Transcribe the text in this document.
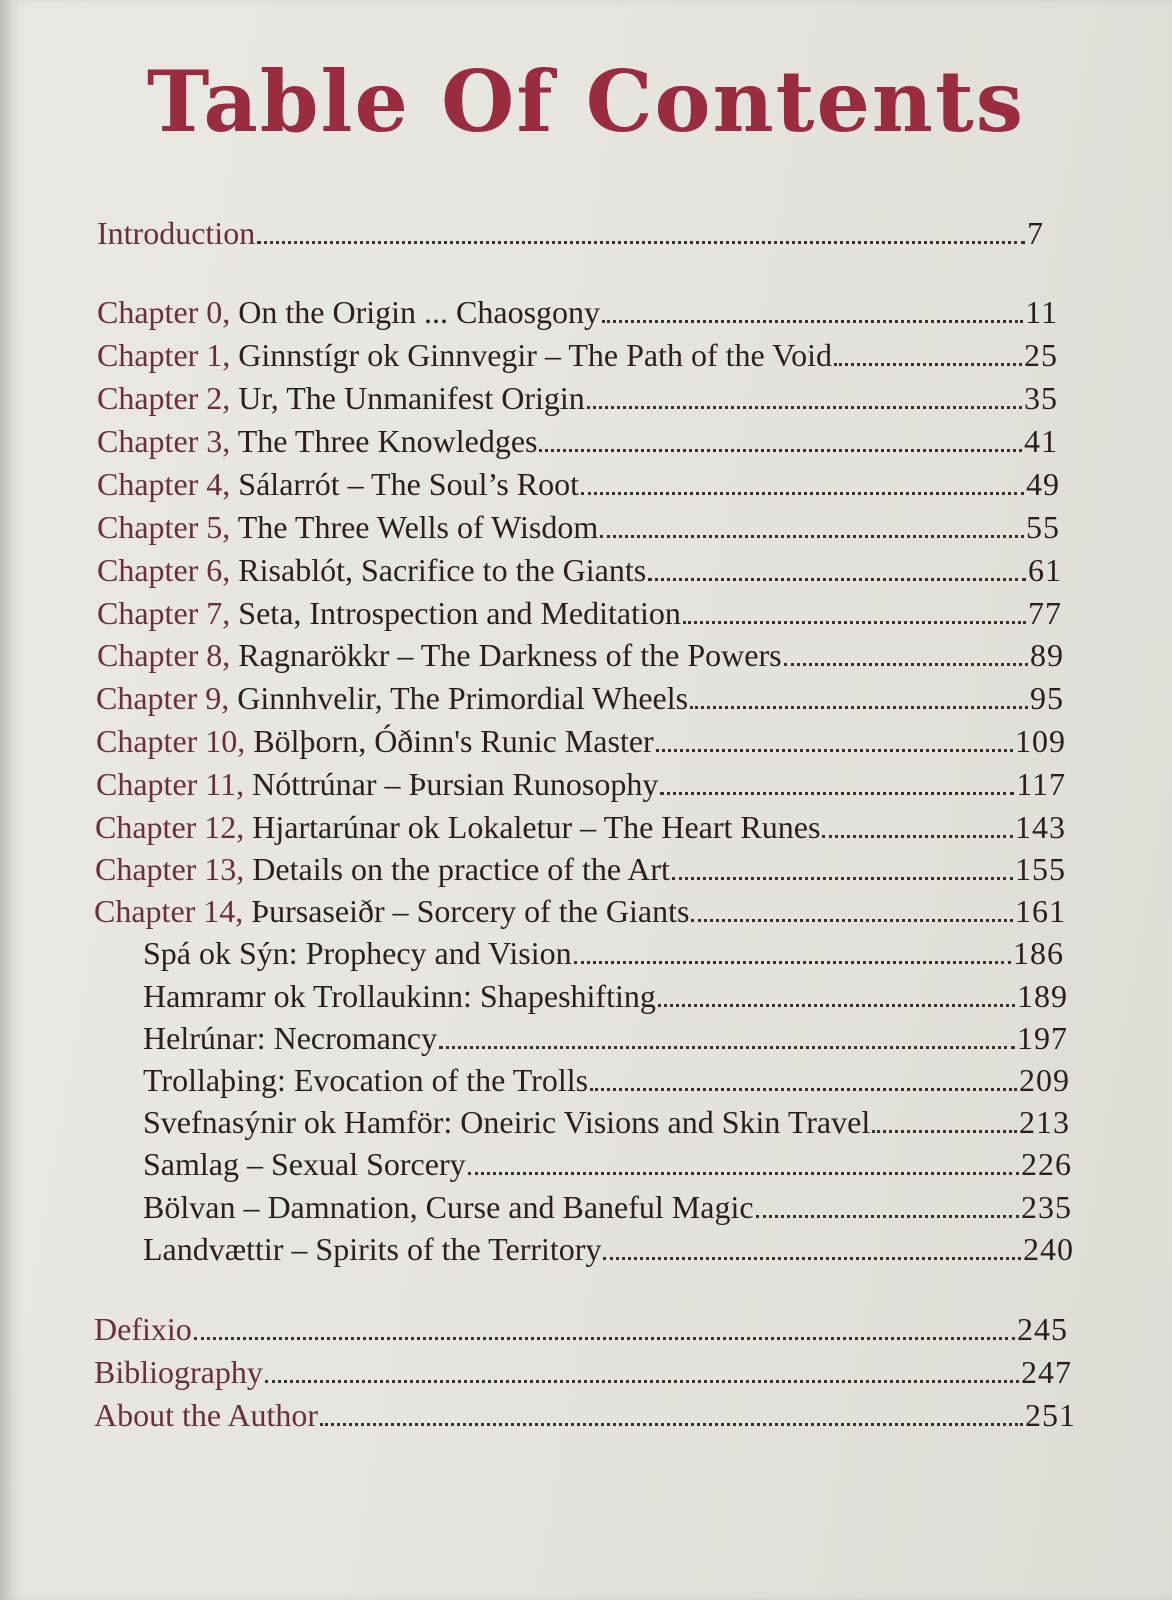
Table Of Contents
Introduction	7
Chapter 0, On the Origin ... Chaosgony	11
Chapter 1, Ginnstígr ok Ginnvegir – The Path of the Void	25
Chapter 2, Ur, The Unmanifest Origin	35
Chapter 3, The Three Knowledges	41
Chapter 4, Sálarrót – The Soul’s Root	49
Chapter 5, The Three Wells of Wisdom	55
Chapter 6, Risablót, Sacrifice to the Giants	61
Chapter 7, Seta, Introspection and Meditation	77
Chapter 8, Ragnarökkr – The Darkness of the Powers	89
Chapter 9, Ginnhvelir, The Primordial Wheels	95
Chapter 10, Bölþorn, Óðinn's Runic Master	109
Chapter 11, Nóttrúnar – Þursian Runosophy	117
Chapter 12, Hjartarúnar ok Lokaletur – The Heart Runes	143
Chapter 13, Details on the practice of the Art	155
Chapter 14, Þursaseiðr – Sorcery of the Giants	161
Spá ok Sýn: Prophecy and Vision	186
Hamramr ok Trollaukinn: Shapeshifting	189
Helrúnar: Necromancy	197
Trollaþing: Evocation of the Trolls	209
Svefnasýnir ok Hamför: Oneiric Visions and Skin Travel	213
Samlag – Sexual Sorcery	226
Bölvan – Damnation, Curse and Baneful Magic	235
Landvættir – Spirits of the Territory	240
Defixio	245
Bibliography	247
About the Author	251
